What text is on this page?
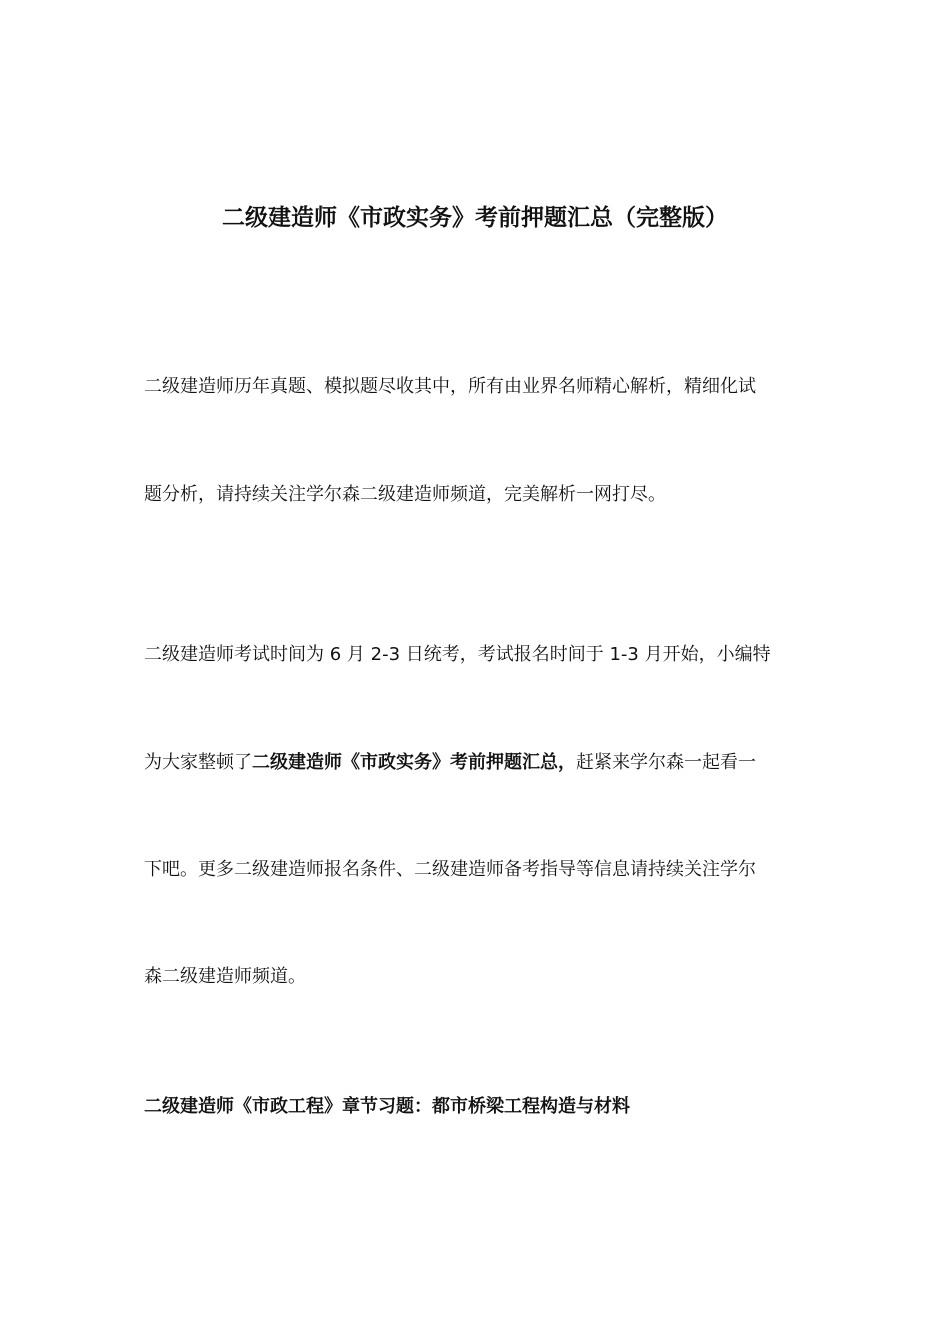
二级建造师《市政实务》考前押题汇总（完整版）
二级建造师历年真题、模拟题尽收其中，所有由业界名师精心解析，精细化试
题分析，请持续关注学尔森二级建造师频道，完美解析一网打尽。
二级建造师考试时间为 6 月 2-3 日统考，考试报名时间于 1-3 月开始，小编特
为大家整顿了二级建造师《市政实务》考前押题汇总，赶紧来学尔森一起看一
下吧。更多二级建造师报名条件、二级建造师备考指导等信息请持续关注学尔
森二级建造师频道。
二级建造师《市政工程》章节习题：都市桥梁工程构造与材料
